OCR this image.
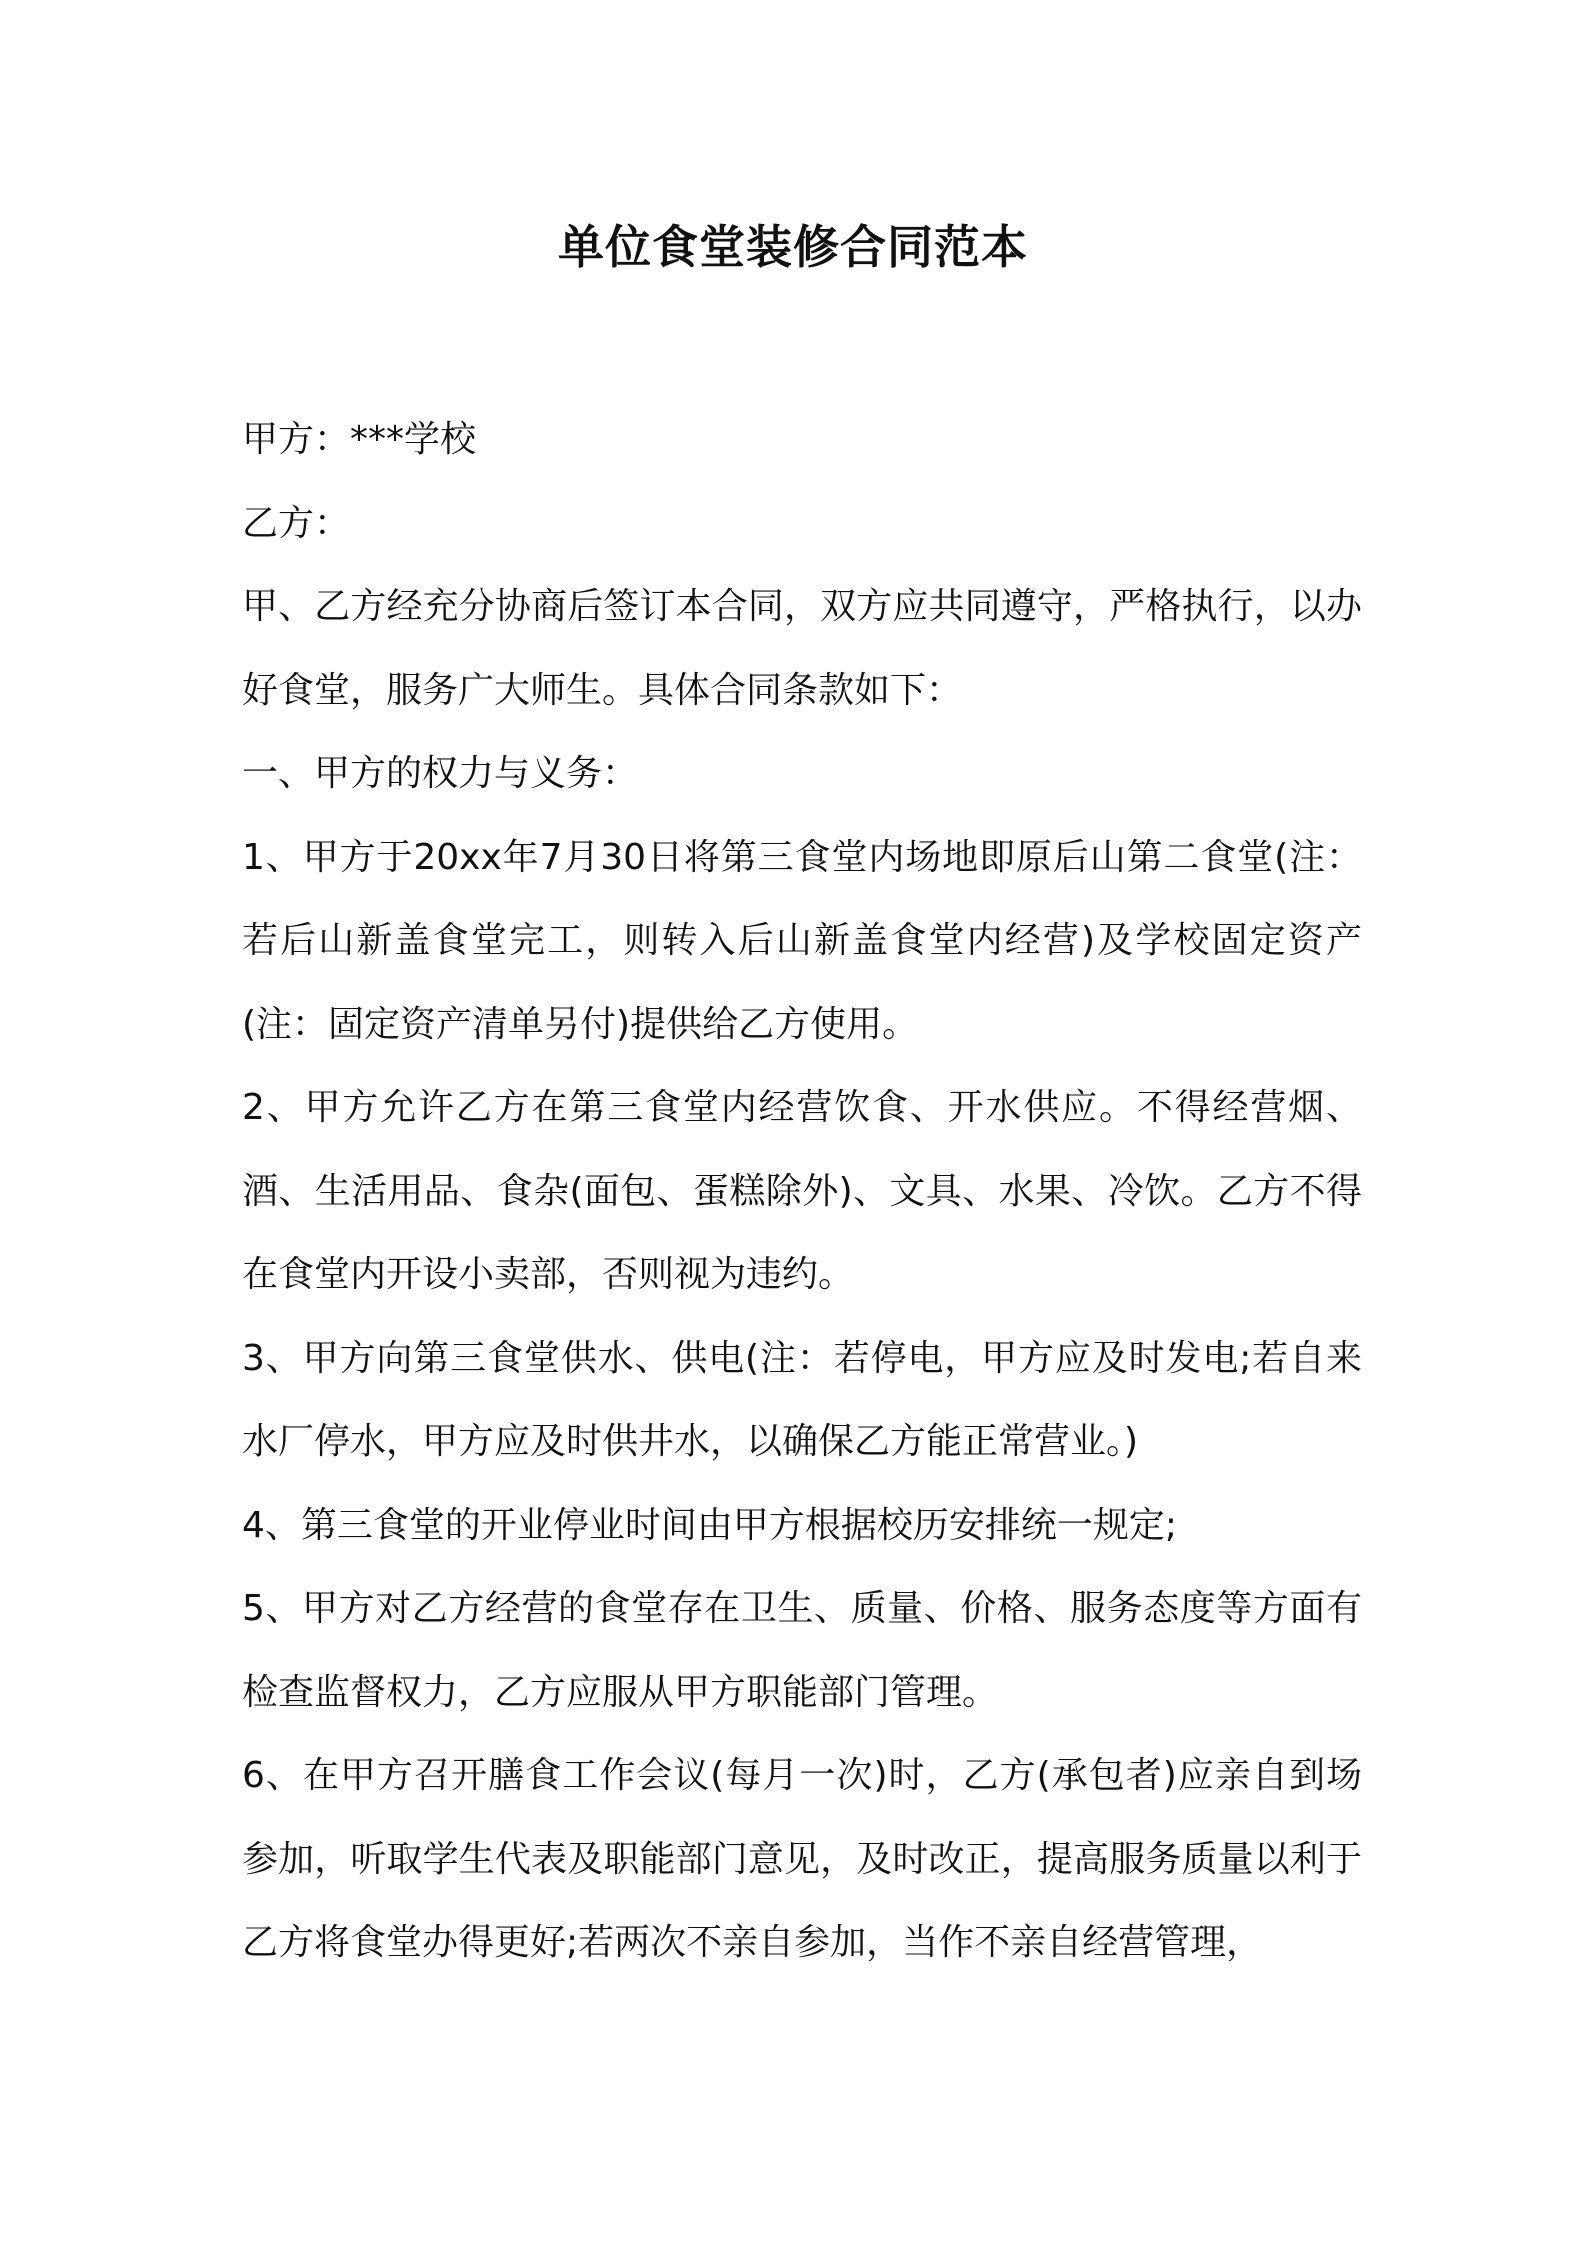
单位食堂装修合同范本

甲方：***学校

乙方：

甲、乙方经充分协商后签订本合同，双方应共同遵守，严格执行，以办好食堂，服务广大师生。具体合同条款如下：

一、甲方的权力与义务：

1、甲方于20xx年7月30日将第三食堂内场地即原后山第二食堂(注：若后山新盖食堂完工，则转入后山新盖食堂内经营)及学校固定资产(注：固定资产清单另付)提供给乙方使用。

2、甲方允许乙方在第三食堂内经营饮食、开水供应。不得经营烟、酒、生活用品、食杂(面包、蛋糕除外)、文具、水果、冷饮。乙方不得在食堂内开设小卖部，否则视为违约。

3、甲方向第三食堂供水、供电(注：若停电，甲方应及时发电;若自来水厂停水，甲方应及时供井水，以确保乙方能正常营业。)

4、第三食堂的开业停业时间由甲方根据校历安排统一规定;

5、甲方对乙方经营的食堂存在卫生、质量、价格、服务态度等方面有检查监督权力，乙方应服从甲方职能部门管理。

6、在甲方召开膳食工作会议(每月一次)时，乙方(承包者)应亲自到场参加，听取学生代表及职能部门意见，及时改正，提高服务质量以利于乙方将食堂办得更好;若两次不亲自参加，当作不亲自经营管理，
